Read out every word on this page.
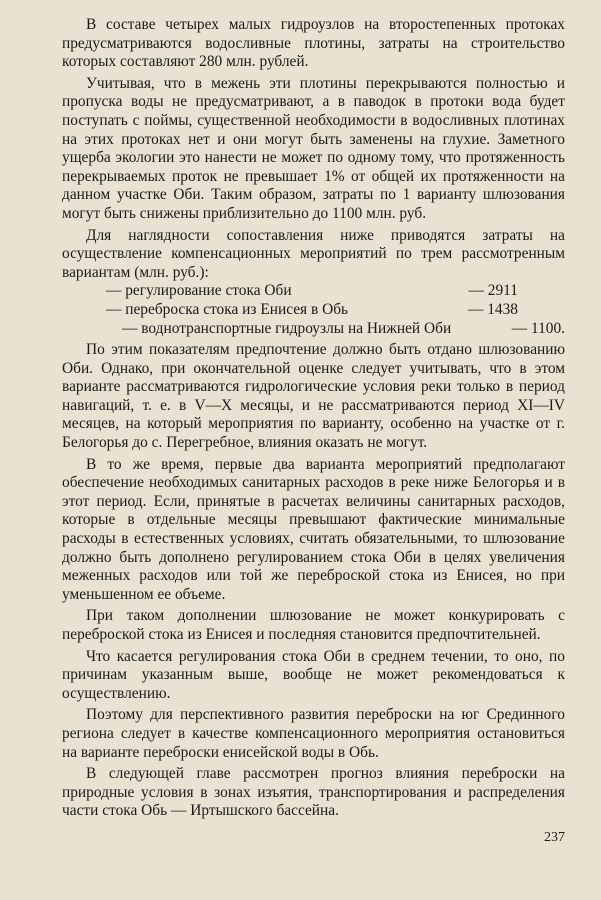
В составе четырех малых гидроузлов на второстепенных протоках предусматриваются водосливные плотины, затраты на строительство которых составляют 280 млн. рублей.

Учитывая, что в межень эти плотины перекрываются полностью и пропуска воды не предусматривают, а в паводок в протоки вода будет поступать с поймы, существенной необходимости в водосливных плотинах на этих протоках нет и они могут быть заменены на глухие. Заметного ущерба экологии это нанести не может по одному тому, что протяженность перекрываемых проток не превышает 1% от общей их протяженности на данном участке Оби. Таким образом, затраты по 1 варианту шлюзования могут быть снижены приблизительно до 1100 млн. руб.

Для наглядности сопоставления ниже приводятся затраты на осуществление компенсационных мероприятий по трем рассмотренным вариантам (млн. руб.):

— регулирование стока Оби	— 2911
— переброска стока из Енисея в Обь	— 1438
— воднотранспортные гидроузлы на Нижней Оби	— 1100.

По этим показателям предпочтение должно быть отдано шлюзованию Оби. Однако, при окончательной оценке следует учитывать, что в этом варианте рассматриваются гидрологические условия реки только в период навигаций, т. е. в V—X месяцы, и не рассматриваются период XI—IV месяцев, на который мероприятия по варианту, особенно на участке от г. Белогорья до с. Перегребное, влияния оказать не могут.

В то же время, первые два варианта мероприятий предполагают обеспечение необходимых санитарных расходов в реке ниже Белогорья и в этот период. Если, принятые в расчетах величины санитарных расходов, которые в отдельные месяцы превышают фактические минимальные расходы в естественных условиях, считать обязательными, то шлюзование должно быть дополнено регулированием стока Оби в целях увеличения меженных расходов или той же переброской стока из Енисея, но при уменьшенном ее объеме.

При таком дополнении шлюзование не может конкурировать с переброской стока из Енисея и последняя становится предпочтительней.

Что касается регулирования стока Оби в среднем течении, то оно, по причинам указанным выше, вообще не может рекомендоваться к осуществлению.

Поэтому для перспективного развития переброски на юг Срединного региона следует в качестве компенсационного мероприятия остановиться на варианте переброски енисейской воды в Обь.

В следующей главе рассмотрен прогноз влияния переброски на природные условия в зонах изъятия, транспортирования и распределения части стока Обь — Иртышского бассейна.

237
